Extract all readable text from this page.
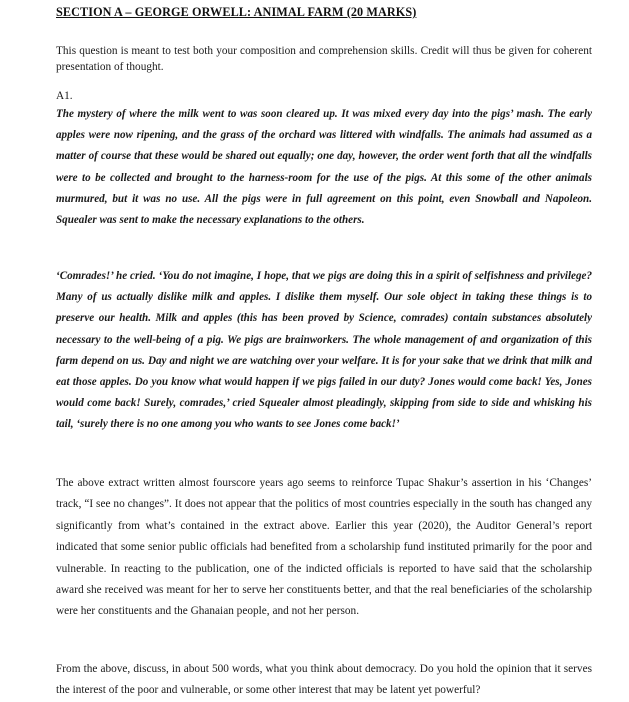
SECTION A – GEORGE ORWELL: ANIMAL FARM (20 MARKS)
This question is meant to test both your composition and comprehension skills. Credit will thus be given for coherent presentation of thought.
A1.
The mystery of where the milk went to was soon cleared up. It was mixed every day into the pigs’ mash. The early apples were now ripening, and the grass of the orchard was littered with windfalls. The animals had assumed as a matter of course that these would be shared out equally; one day, however, the order went forth that all the windfalls were to be collected and brought to the harness-room for the use of the pigs. At this some of the other animals murmured, but it was no use. All the pigs were in full agreement on this point, even Snowball and Napoleon. Squealer was sent to make the necessary explanations to the others.
‘Comrades!’ he cried. ‘You do not imagine, I hope, that we pigs are doing this in a spirit of selfishness and privilege? Many of us actually dislike milk and apples. I dislike them myself. Our sole object in taking these things is to preserve our health. Milk and apples (this has been proved by Science, comrades) contain substances absolutely necessary to the well-being of a pig. We pigs are brainworkers. The whole management of and organization of this farm depend on us. Day and night we are watching over your welfare. It is for your sake that we drink that milk and eat those apples. Do you know what would happen if we pigs failed in our duty? Jones would come back! Yes, Jones would come back! Surely, comrades,’ cried Squealer almost pleadingly, skipping from side to side and whisking his tail, ‘surely there is no one among you who wants to see Jones come back!’
The above extract written almost fourscore years ago seems to reinforce Tupac Shakur’s assertion in his ‘Changes’ track, “I see no changes”. It does not appear that the politics of most countries especially in the south has changed any significantly from what’s contained in the extract above. Earlier this year (2020), the Auditor General’s report indicated that some senior public officials had benefited from a scholarship fund instituted primarily for the poor and vulnerable. In reacting to the publication, one of the indicted officials is reported to have said that the scholarship award she received was meant for her to serve her constituents better, and that the real beneficiaries of the scholarship were her constituents and the Ghanaian people, and not her person.
From the above, discuss, in about 500 words, what you think about democracy. Do you hold the opinion that it serves the interest of the poor and vulnerable, or some other interest that may be latent yet powerful?
